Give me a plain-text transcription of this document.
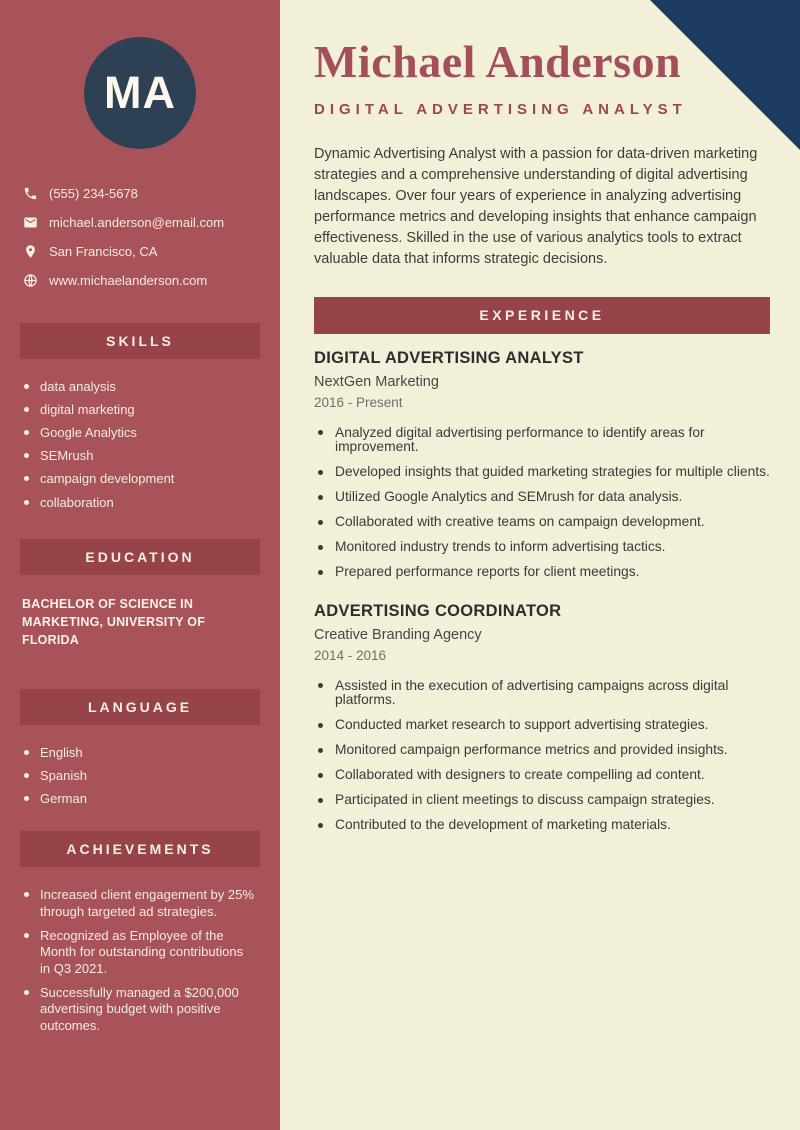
MA
(555) 234-5678
michael.anderson@email.com
San Francisco, CA
www.michaelanderson.com
SKILLS
data analysis
digital marketing
Google Analytics
SEMrush
campaign development
collaboration
EDUCATION
BACHELOR OF SCIENCE IN MARKETING, UNIVERSITY OF FLORIDA
LANGUAGE
English
Spanish
German
ACHIEVEMENTS
Increased client engagement by 25% through targeted ad strategies.
Recognized as Employee of the Month for outstanding contributions in Q3 2021.
Successfully managed a $200,000 advertising budget with positive outcomes.
Michael Anderson
DIGITAL ADVERTISING ANALYST

Dynamic Advertising Analyst with a passion for data-driven marketing strategies and a comprehensive understanding of digital advertising landscapes. Over four years of experience in analyzing advertising performance metrics and developing insights that enhance campaign effectiveness. Skilled in the use of various analytics tools to extract valuable data that informs strategic decisions.

EXPERIENCE
DIGITAL ADVERTISING ANALYST
NextGen Marketing
2016 - Present
Analyzed digital advertising performance to identify areas for improvement.
Developed insights that guided marketing strategies for multiple clients.
Utilized Google Analytics and SEMrush for data analysis.
Collaborated with creative teams on campaign development.
Monitored industry trends to inform advertising tactics.
Prepared performance reports for client meetings.
ADVERTISING COORDINATOR
Creative Branding Agency
2014 - 2016
Assisted in the execution of advertising campaigns across digital platforms.
Conducted market research to support advertising strategies.
Monitored campaign performance metrics and provided insights.
Collaborated with designers to create compelling ad content.
Participated in client meetings to discuss campaign strategies.
Contributed to the development of marketing materials.
